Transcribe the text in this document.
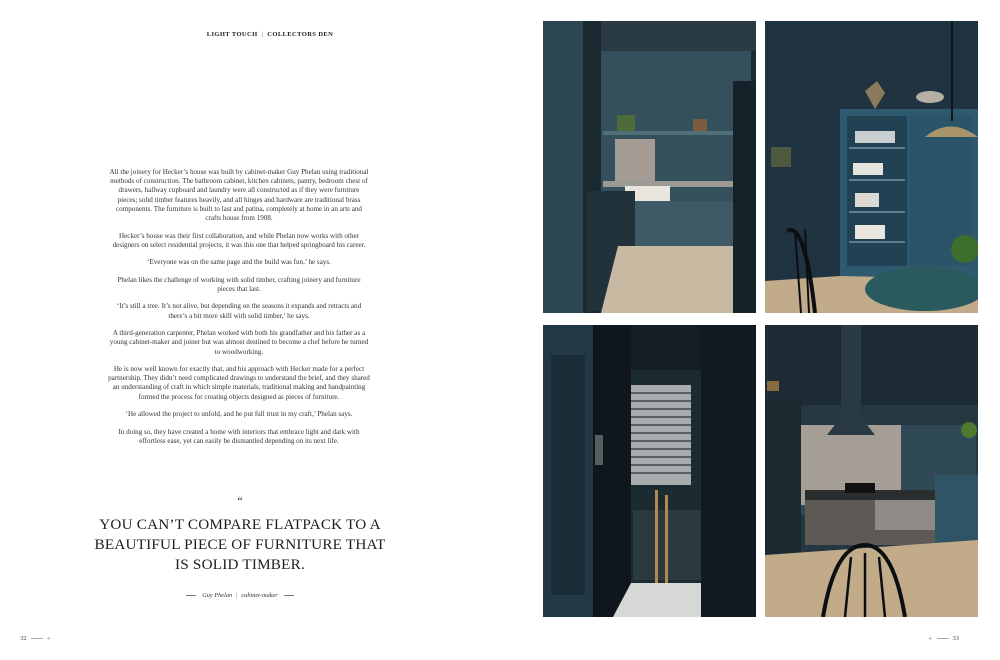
LIGHT TOUCH | COLLECTORS DEN

All the joinery for Hecker’s house was built by cabinet-maker Guy Phelan using traditional methods of construction. The bathroom cabinet, kitchen cabinets, pantry, bedroom chest of drawers, hallway cupboard and laundry were all constructed as if they were furniture pieces; solid timber features heavily, and all hinges and hardware are traditional brass components. The furniture is built to last and patina, completely at home in an arts and crafts house from 1908.

Hecker’s house was their first collaboration, and while Phelan now works with other designers on select residential projects, it was this one that helped springboard his career.

‘Everyone was on the same page and the build was fun,’ he says.

Phelan likes the challenge of working with solid timber, crafting joinery and furniture pieces that last.

‘It’s still a tree. It’s not alive, but depending on the seasons it expands and retracts and there’s a bit more skill with solid timber,’ he says.

A third-generation carpenter, Phelan worked with both his grandfather and his father as a young cabinet-maker and joiner but was almost destined to become a chef before he turned to woodworking.

He is now well known for exactly that, and his approach with Hecker made for a perfect partnership. They didn’t need complicated drawings to understand the brief, and they shared an understanding of craft in which simple materials, traditional making and handpainting formed the process for creating objects designed as pieces of furniture.

‘He allowed the project to unfold, and he put full trust in my craft,’ Phelan says.

In doing so, they have created a home with interiors that embrace light and dark with effortless ease, yet can easily be dismantled depending on its next life.

“
YOU CAN’T COMPARE FLATPACK TO A BEAUTIFUL PIECE OF FURNITURE THAT IS SOLID TIMBER.
Guy Phelan | cabinet-maker
32	+	+	33
